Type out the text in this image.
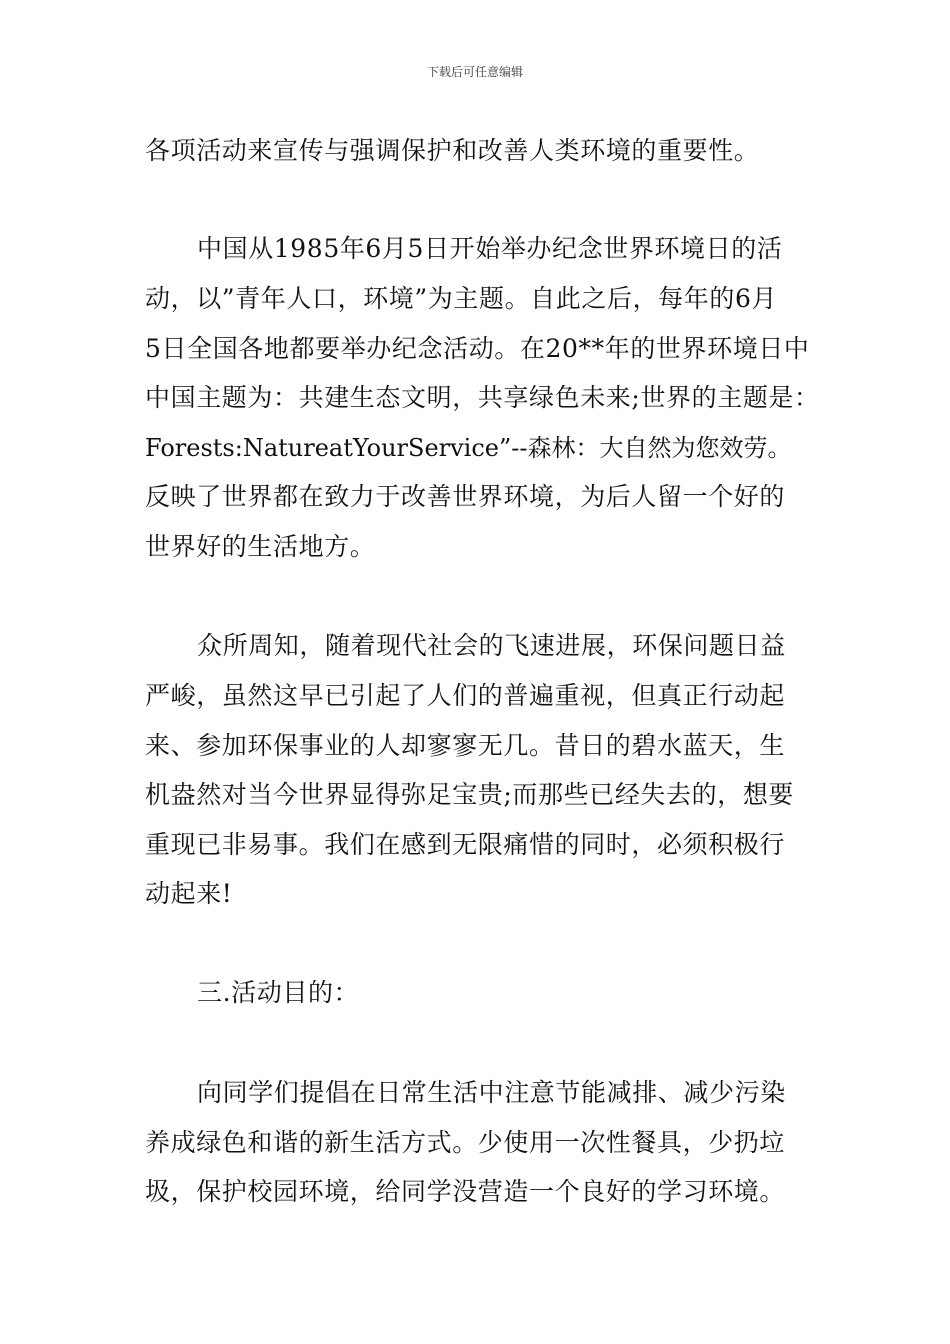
下载后可任意编辑
各项活动来宣传与强调保护和改善人类环境的重要性。
中国从1985年6月5日开始举办纪念世界环境日的活
动，以”青年人口，环境”为主题。自此之后，每年的6月
5日全国各地都要举办纪念活动。在20**年的世界环境日中
中国主题为：共建生态文明，共享绿色未来;世界的主题是：
Forests:NatureatYourService”--森林：大自然为您效劳。
反映了世界都在致力于改善世界环境，为后人留一个好的
世界好的生活地方。
众所周知，随着现代社会的飞速进展，环保问题日益
严峻，虽然这早已引起了人们的普遍重视，但真正行动起
来、参加环保事业的人却寥寥无几。昔日的碧水蓝天，生
机盎然对当今世界显得弥足宝贵;而那些已经失去的，想要
重现已非易事。我们在感到无限痛惜的同时，必须积极行
动起来!
三.活动目的：
向同学们提倡在日常生活中注意节能减排、减少污染
养成绿色和谐的新生活方式。少使用一次性餐具，少扔垃
圾，保护校园环境，给同学没营造一个良好的学习环境。
